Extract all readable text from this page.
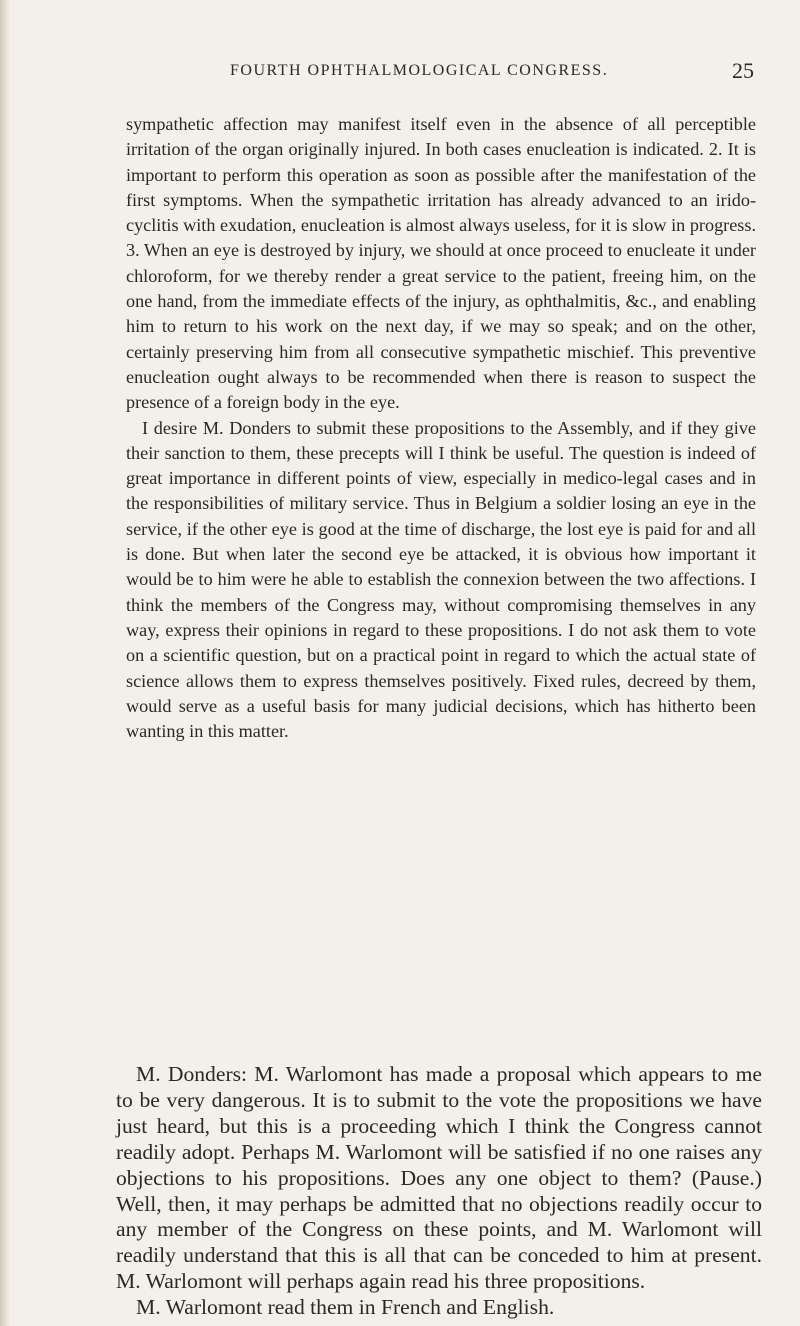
FOURTH OPHTHALMOLOGICAL CONGRESS.	25

sympathetic affection may manifest itself even in the absence of all perceptible irritation of the organ originally injured. In both cases enucleation is indicated. 2. It is important to perform this operation as soon as possible after the manifestation of the first symptoms. When the sympathetic irritation has already advanced to an irido-cyclitis with exudation, enucleation is almost always useless, for it is slow in progress. 3. When an eye is destroyed by injury, we should at once proceed to enucleate it under chloroform, for we thereby render a great service to the patient, freeing him, on the one hand, from the immediate effects of the injury, as ophthalmitis, &c., and enabling him to return to his work on the next day, if we may so speak; and on the other, certainly preserving him from all consecutive sympathetic mischief. This preventive enucleation ought always to be recommended when there is reason to suspect the presence of a foreign body in the eye.

I desire M. Donders to submit these propositions to the Assembly, and if they give their sanction to them, these precepts will I think be useful. The question is indeed of great importance in different points of view, especially in medico-legal cases and in the responsibilities of military service. Thus in Belgium a soldier losing an eye in the service, if the other eye is good at the time of discharge, the lost eye is paid for and all is done. But when later the second eye be attacked, it is obvious how important it would be to him were he able to establish the connexion between the two affections. I think the members of the Congress may, without compromising themselves in any way, express their opinions in regard to these propositions. I do not ask them to vote on a scientific question, but on a practical point in regard to which the actual state of science allows them to express themselves positively. Fixed rules, decreed by them, would serve as a useful basis for many judicial decisions, which has hitherto been wanting in this matter.

M. Donders: M. Warlomont has made a proposal which appears to me to be very dangerous. It is to submit to the vote the propositions we have just heard, but this is a proceeding which I think the Congress cannot readily adopt. Perhaps M. Warlomont will be satisfied if no one raises any objections to his propositions. Does any one object to them? (Pause.) Well, then, it may perhaps be admitted that no objections readily occur to any member of the Congress on these points, and M. Warlomont will readily understand that this is all that can be conceded to him at present. M. Warlomont will perhaps again read his three propositions.

M. Warlomont read them in French and English.
